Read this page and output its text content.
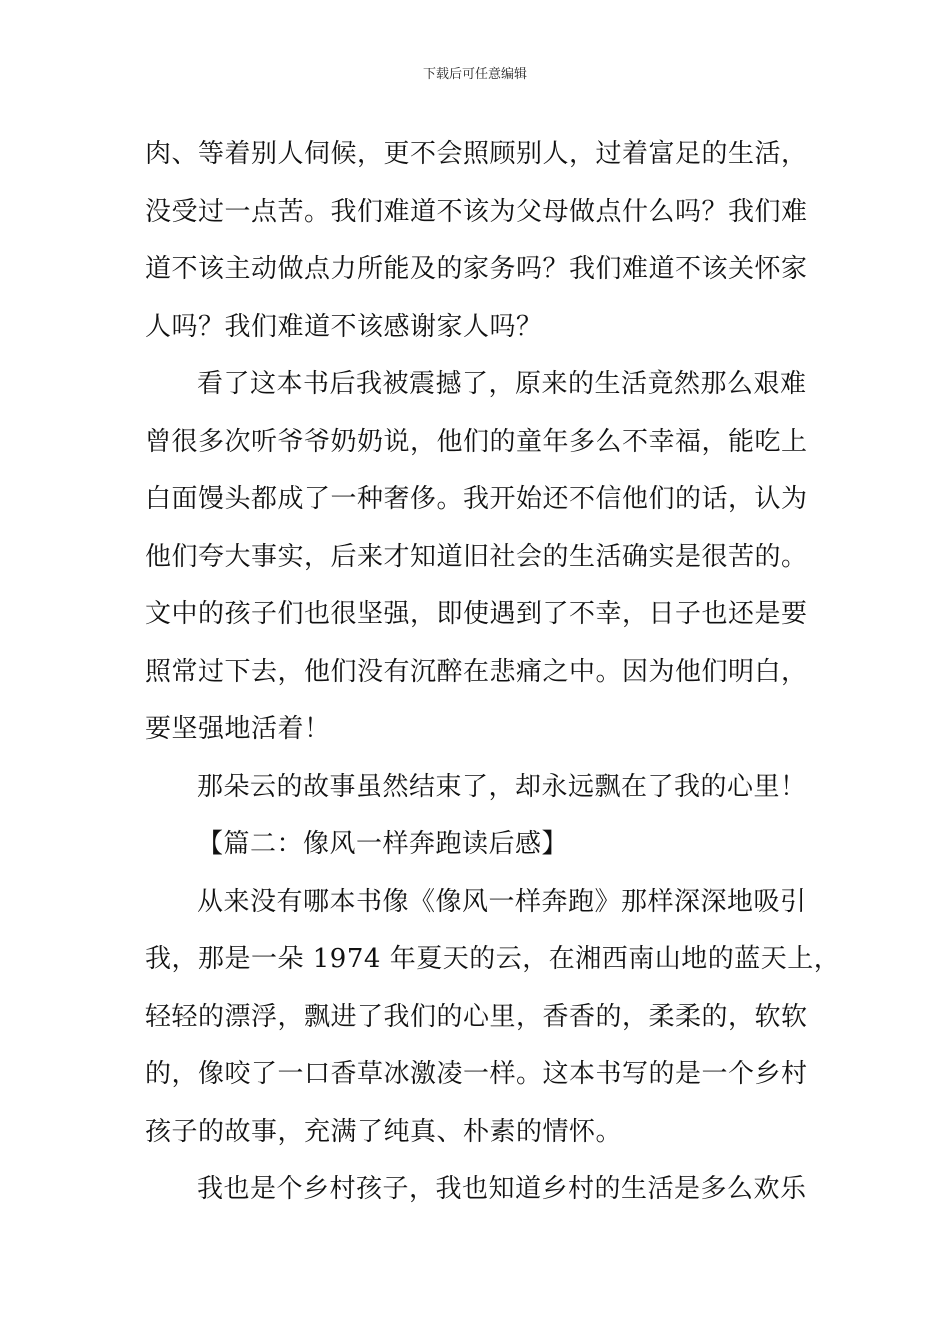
下载后可任意编辑
肉、等着别人伺候，更不会照顾别人，过着富足的生活，
没受过一点苦。我们难道不该为父母做点什么吗？我们难
道不该主动做点力所能及的家务吗？我们难道不该关怀家
人吗？我们难道不该感谢家人吗？
看了这本书后我被震撼了，原来的生活竟然那么艰难
曾很多次听爷爷奶奶说，他们的童年多么不幸福，能吃上
白面馒头都成了一种奢侈。我开始还不信他们的话，认为
他们夸大事实，后来才知道旧社会的生活确实是很苦的。
文中的孩子们也很坚强，即使遇到了不幸，日子也还是要
照常过下去，他们没有沉醉在悲痛之中。因为他们明白，
要坚强地活着！
那朵云的故事虽然结束了，却永远飘在了我的心里！
【篇二：像风一样奔跑读后感】
从来没有哪本书像《像风一样奔跑》那样深深地吸引
我，那是一朵 1974 年夏天的云，在湘西南山地的蓝天上，
轻轻的漂浮，飘进了我们的心里，香香的，柔柔的，软软
的，像咬了一口香草冰激凌一样。这本书写的是一个乡村
孩子的故事，充满了纯真、朴素的情怀。
我也是个乡村孩子，我也知道乡村的生活是多么欢乐
